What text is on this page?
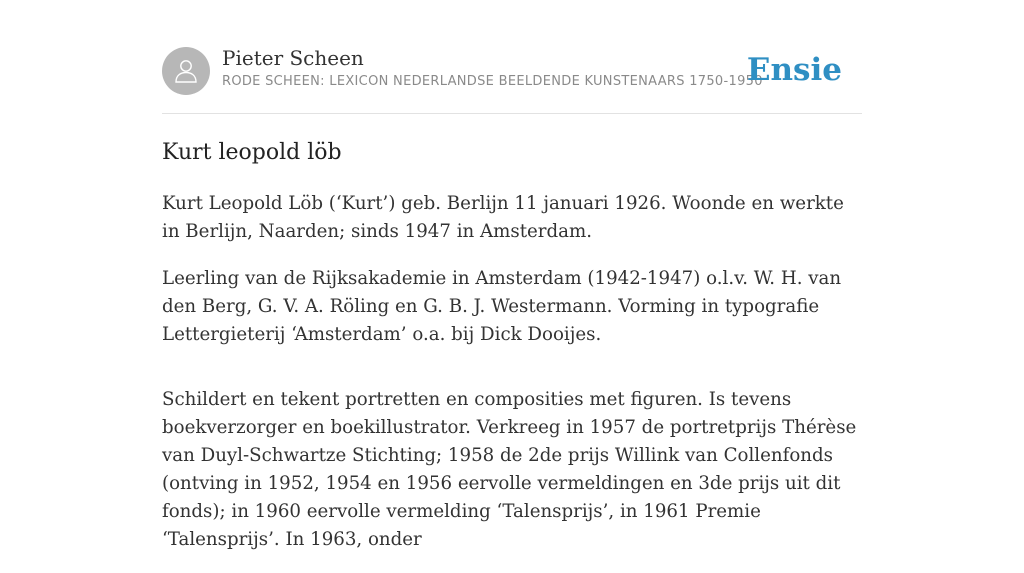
Pieter Scheen
RODE SCHEEN: LEXICON NEDERLANDSE BEELDENDE KUNSTENAARS 1750-1950
Ensie
Kurt leopold löb

Kurt Leopold Löb (‘Kurt’) geb. Berlijn 11 januari 1926. Woonde en werkte in Berlijn, Naarden; sinds 1947 in Amsterdam.

Leerling van de Rijksakademie in Amsterdam (1942-1947) o.l.v. W. H. van den Berg, G. V. A. Röling en G. B. J. Westermann. Vorming in typografie Lettergieterij ‘Amsterdam’ o.a. bij Dick Dooijes.

Schildert en tekent portretten en composities met figuren. Is tevens boekverzorger en boekillustrator. Verkreeg in 1957 de portretprijs Thérèse van Duyl-Schwartze Stichting; 1958 de 2de prijs Willink van Collenfonds (ontving in 1952, 1954 en 1956 eervolle vermeldingen en 3de prijs uit dit fonds); in 1960 eervolle vermelding ‘Talensprijs’, in 1961 Premie ‘Talensprijs’. In 1963, onder
